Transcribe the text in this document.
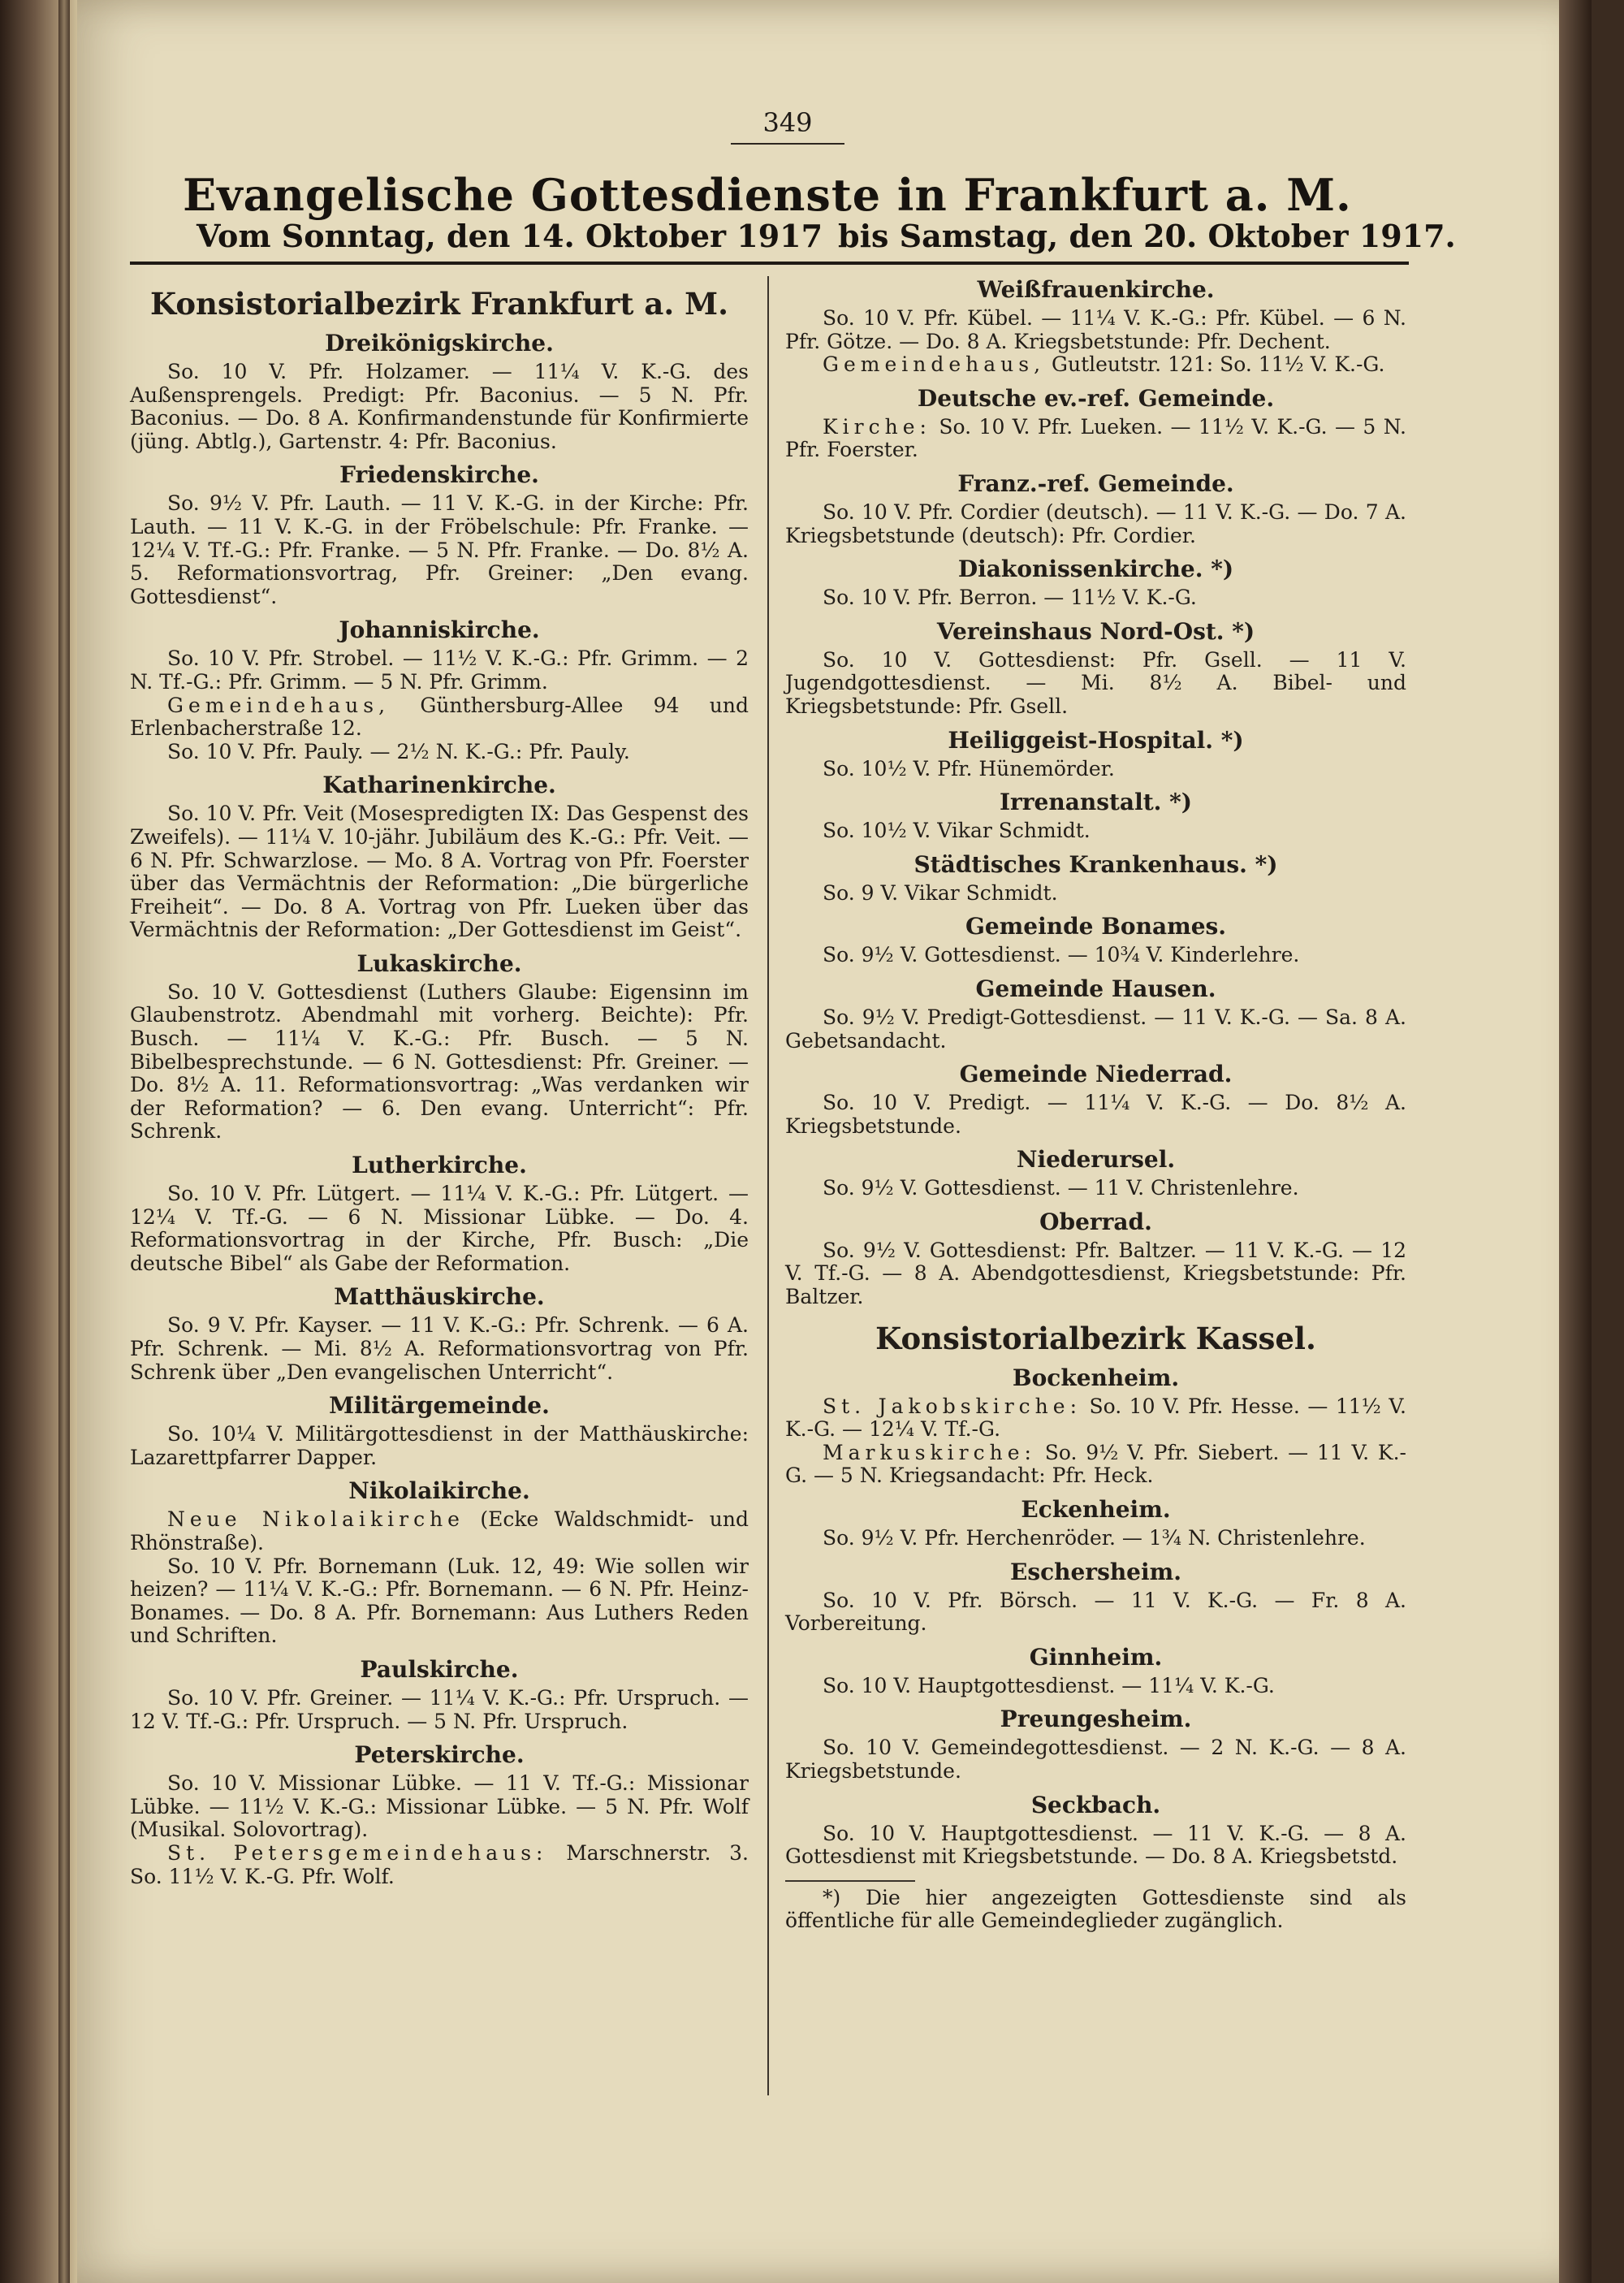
349
Evangelische Gottesdienste in Frankfurt a. M.
Vom Sonntag, den 14. Oktober 1917 bis Samstag, den 20. Oktober 1917.
Konsistorialbezirk Frankfurt a. M.
Dreikönigskirche.

So. 10 V. Pfr. Holzamer. — 11¼ V. K.-G. des Außensprengels. Predigt: Pfr. Baconius. — 5 N. Pfr. Baconius. — Do. 8 A. Konfirmandenstunde für Konfirmierte (jüng. Abtlg.), Gartenstr. 4: Pfr. Baconius.

Friedenskirche.

So. 9½ V. Pfr. Lauth. — 11 V. K.-G. in der Kirche: Pfr. Lauth. — 11 V. K.-G. in der Fröbelschule: Pfr. Franke. — 12¼ V. Tf.-G.: Pfr. Franke. — 5 N. Pfr. Franke. — Do. 8½ A. 5. Reformationsvortrag, Pfr. Greiner: „Den evang. Gottesdienst“.

Johanniskirche.

So. 10 V. Pfr. Strobel. — 11½ V. K.-G.: Pfr. Grimm. — 2 N. Tf.-G.: Pfr. Grimm. — 5 N. Pfr. Grimm.

Gemeindehaus, Günthersburg-Allee 94 und Erlenbacherstraße 12.

So. 10 V. Pfr. Pauly. — 2½ N. K.-G.: Pfr. Pauly.

Katharinenkirche.

So. 10 V. Pfr. Veit (Mosespredigten IX: Das Gespenst des Zweifels). — 11¼ V. 10-jähr. Jubiläum des K.-G.: Pfr. Veit. — 6 N. Pfr. Schwarzlose. — Mo. 8 A. Vortrag von Pfr. Foerster über das Vermächtnis der Reformation: „Die bürgerliche Freiheit“. — Do. 8 A. Vortrag von Pfr. Lueken über das Vermächtnis der Reformation: „Der Gottesdienst im Geist“.

Lukaskirche.

So. 10 V. Gottesdienst (Luthers Glaube: Eigensinn im Glaubenstrotz. Abendmahl mit vorherg. Beichte): Pfr. Busch. — 11¼ V. K.-G.: Pfr. Busch. — 5 N. Bibelbesprechstunde. — 6 N. Gottesdienst: Pfr. Greiner. — Do. 8½ A. 11. Reformationsvortrag: „Was verdanken wir der Reformation? — 6. Den evang. Unterricht“: Pfr. Schrenk.

Lutherkirche.

So. 10 V. Pfr. Lütgert. — 11¼ V. K.-G.: Pfr. Lütgert. — 12¼ V. Tf.-G. — 6 N. Missionar Lübke. — Do. 4. Reformationsvortrag in der Kirche, Pfr. Busch: „Die deutsche Bibel“ als Gabe der Reformation.

Matthäuskirche.

So. 9 V. Pfr. Kayser. — 11 V. K.-G.: Pfr. Schrenk. — 6 A. Pfr. Schrenk. — Mi. 8½ A. Reformationsvortrag von Pfr. Schrenk über „Den evangelischen Unterricht“.

Militärgemeinde.

So. 10¼ V. Militärgottesdienst in der Matthäuskirche: Lazarettpfarrer Dapper.

Nikolaikirche.

Neue Nikolaikirche (Ecke Waldschmidt- und Rhönstraße).

So. 10 V. Pfr. Bornemann (Luk. 12, 49: Wie sollen wir heizen? — 11¼ V. K.-G.: Pfr. Bornemann. — 6 N. Pfr. Heinz-Bonames. — Do. 8 A. Pfr. Bornemann: Aus Luthers Reden und Schriften.

Paulskirche.

So. 10 V. Pfr. Greiner. — 11¼ V. K.-G.: Pfr. Urspruch. — 12 V. Tf.-G.: Pfr. Urspruch. — 5 N. Pfr. Urspruch.

Peterskirche.

So. 10 V. Missionar Lübke. — 11 V. Tf.-G.: Missionar Lübke. — 11½ V. K.-G.: Missionar Lübke. — 5 N. Pfr. Wolf (Musikal. Solovortrag).

St. Petersgemeindehaus: Marschnerstr. 3. So. 11½ V. K.-G. Pfr. Wolf.

Weißfrauenkirche.

So. 10 V. Pfr. Kübel. — 11¼ V. K.-G.: Pfr. Kübel. — 6 N. Pfr. Götze. — Do. 8 A. Kriegsbetstunde: Pfr. Dechent.

Gemeindehaus, Gutleutstr. 121: So. 11½ V. K.-G.

Deutsche ev.-ref. Gemeinde.

Kirche: So. 10 V. Pfr. Lueken. — 11½ V. K.-G. — 5 N. Pfr. Foerster.

Franz.-ref. Gemeinde.

So. 10 V. Pfr. Cordier (deutsch). — 11 V. K.-G. — Do. 7 A. Kriegsbetstunde (deutsch): Pfr. Cordier.

Diakonissenkirche. *)

So. 10 V. Pfr. Berron. — 11½ V. K.-G.

Vereinshaus Nord-Ost. *)

So. 10 V. Gottesdienst: Pfr. Gsell. — 11 V. Jugendgottesdienst. — Mi. 8½ A. Bibel- und Kriegsbetstunde: Pfr. Gsell.

Heiliggeist-Hospital. *)

So. 10½ V. Pfr. Hünemörder.

Irrenanstalt. *)

So. 10½ V. Vikar Schmidt.

Städtisches Krankenhaus. *)

So. 9 V. Vikar Schmidt.

Gemeinde Bonames.

So. 9½ V. Gottesdienst. — 10¾ V. Kinderlehre.

Gemeinde Hausen.

So. 9½ V. Predigt-Gottesdienst. — 11 V. K.-G. — Sa. 8 A. Gebetsandacht.

Gemeinde Niederrad.

So. 10 V. Predigt. — 11¼ V. K.-G. — Do. 8½ A. Kriegsbetstunde.

Niederursel.

So. 9½ V. Gottesdienst. — 11 V. Christenlehre.

Oberrad.

So. 9½ V. Gottesdienst: Pfr. Baltzer. — 11 V. K.-G. — 12 V. Tf.-G. — 8 A. Abendgottesdienst, Kriegsbetstunde: Pfr. Baltzer.

Konsistorialbezirk Kassel.
Bockenheim.

St. Jakobskirche: So. 10 V. Pfr. Hesse. — 11½ V. K.-G. — 12¼ V. Tf.-G.

Markuskirche: So. 9½ V. Pfr. Siebert. — 11 V. K.-G. — 5 N. Kriegsandacht: Pfr. Heck.

Eckenheim.

So. 9½ V. Pfr. Herchenröder. — 1¾ N. Christenlehre.

Eschersheim.

So. 10 V. Pfr. Börsch. — 11 V. K.-G. — Fr. 8 A. Vorbereitung.

Ginnheim.

So. 10 V. Hauptgottesdienst. — 11¼ V. K.-G.

Preungesheim.

So. 10 V. Gemeindegottesdienst. — 2 N. K.-G. — 8 A. Kriegsbetstunde.

Seckbach.

So. 10 V. Hauptgottesdienst. — 11 V. K.-G. — 8 A. Gottesdienst mit Kriegsbetstunde. — Do. 8 A. Kriegsbetstd.

*) Die hier angezeigten Gottesdienste sind als öffentliche für alle Gemeindeglieder zugänglich.
